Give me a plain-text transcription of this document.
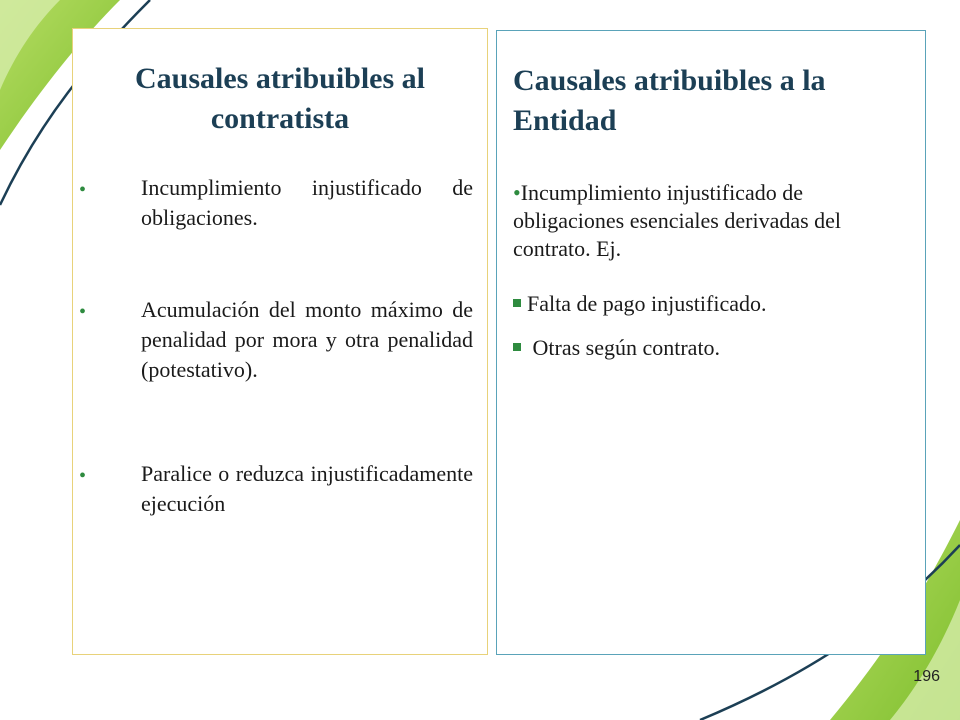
Causales atribuibles al contratista
• Incumplimiento injustificado de obligaciones.
• Acumulación del monto máximo de penalidad por mora y otra penalidad (potestativo).
• Paralice o reduzca injustificadamente ejecución
Causales atribuibles a la Entidad
•Incumplimiento injustificado de obligaciones esenciales derivadas del contrato. Ej.
Falta de pago injustificado.
Otras según contrato.
196
